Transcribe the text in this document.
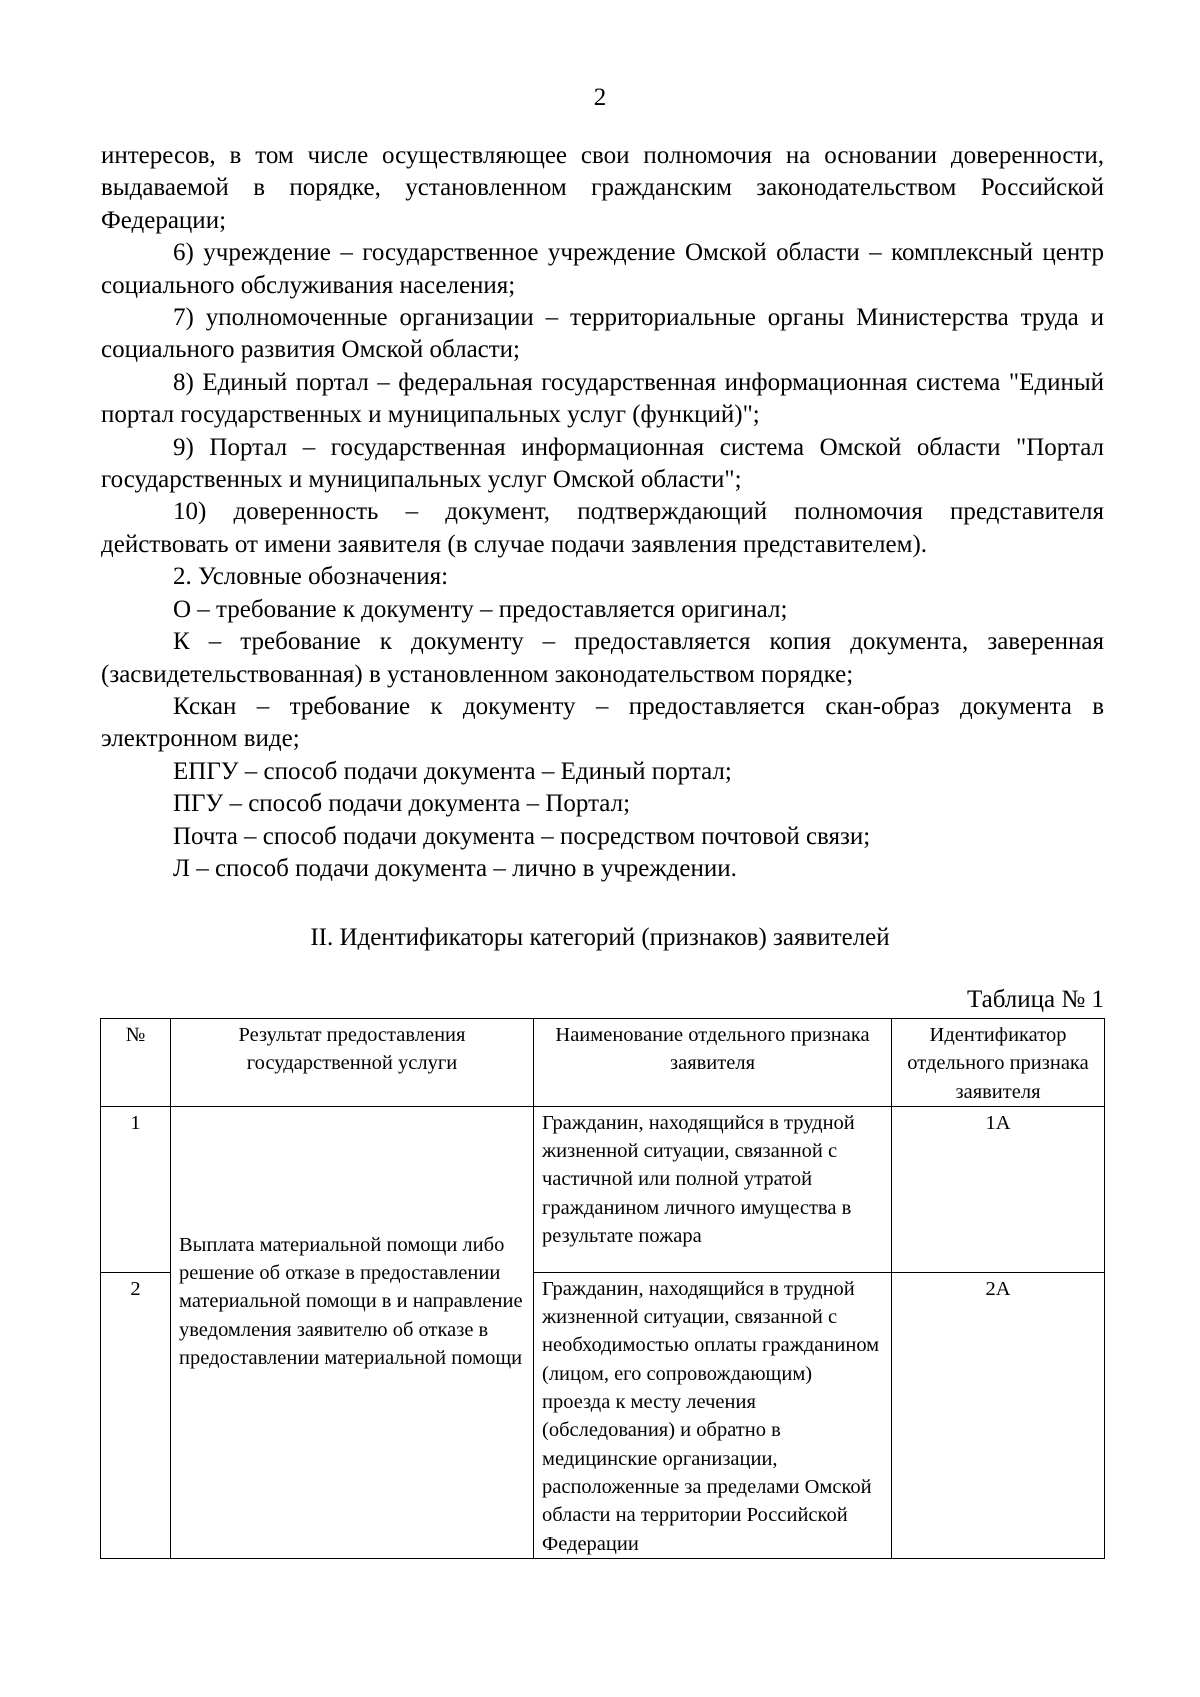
2

интересов, в том числе осуществляющее свои полномочия на основании доверенности, выдаваемой в порядке, установленном гражданским законодательством Российской Федерации;

6) учреждение – государственное учреждение Омской области – комплексный центр социального обслуживания населения;

7) уполномоченные организации – территориальные органы Министерства труда и социального развития Омской области;

8) Единый портал – федеральная государственная информационная система "Единый портал государственных и муниципальных услуг (функций)";

9) Портал – государственная информационная система Омской области "Портал государственных и муниципальных услуг Омской области";

10) доверенность – документ, подтверждающий полномочия представителя действовать от имени заявителя (в случае подачи заявления представителем).

2. Условные обозначения:

О – требование к документу – предоставляется оригинал;

К – требование к документу – предоставляется копия документа, заверенная (засвидетельствованная) в установленном законодательством порядке;

Кскан – требование к документу – предоставляется скан-образ документа в электронном виде;

ЕПГУ – способ подачи документа – Единый портал;

ПГУ – способ подачи документа – Портал;

Почта – способ подачи документа – посредством почтовой связи;

Л – способ подачи документа – лично в учреждении.

II. Идентификаторы категорий (признаков) заявителей
Таблица № 1
№	Результат предоставления государственной услуги	Наименование отдельного признака заявителя	Идентификатор отдельного признака заявителя
1	Выплата материальной помощи либо решение об отказе в предоставлении материальной помощи в и направление уведомления заявителю об отказе в предоставлении материальной помощи	Гражданин, находящийся в трудной жизненной ситуации, связанной с частичной или полной утратой гражданином личного имущества в результате пожара	1А
2		Гражданин, находящийся в трудной жизненной ситуации, связанной с необходимостью оплаты гражданином (лицом, его сопровождающим) проезда к месту лечения (обследования) и обратно в медицинские организации, расположенные за пределами Омской области на территории Российской Федерации	2А
